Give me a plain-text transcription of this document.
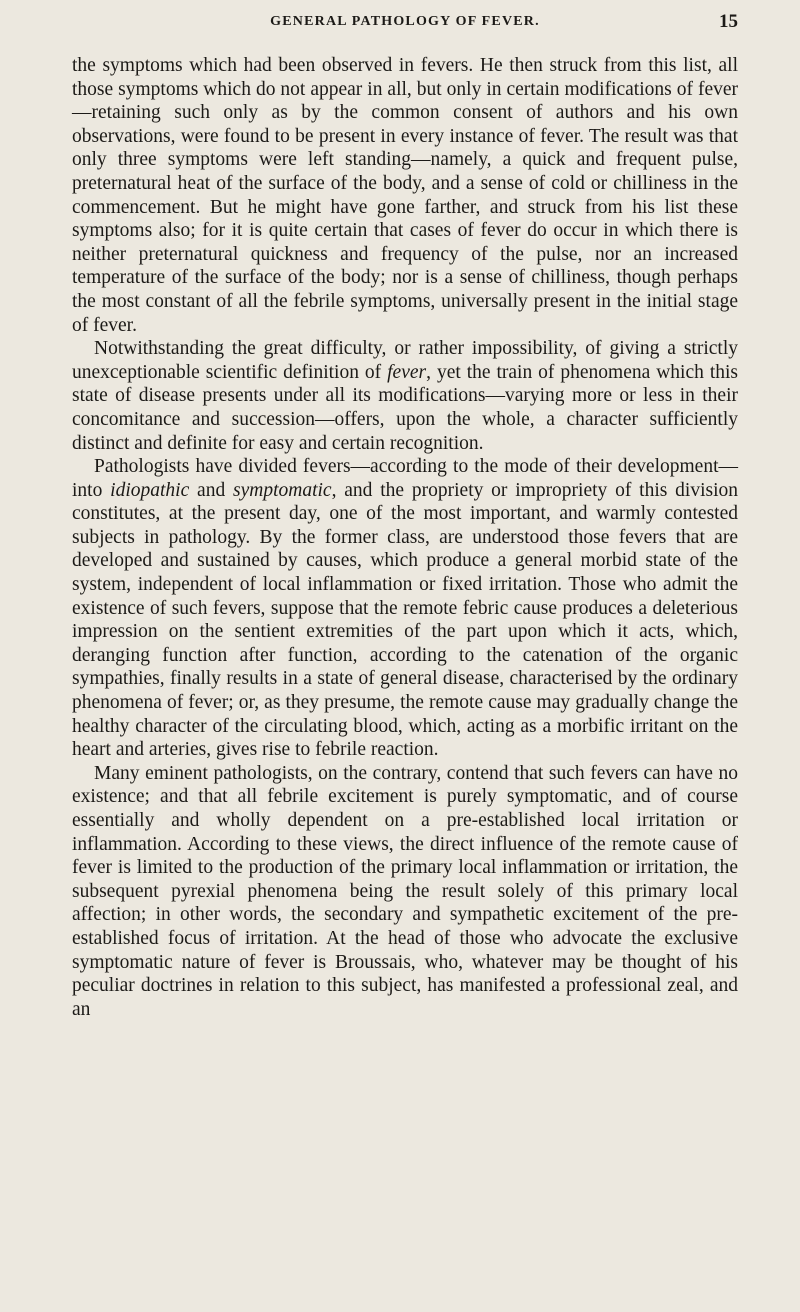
GENERAL PATHOLOGY OF FEVER.	15

the symptoms which had been observed in fevers. He then struck from this list, all those symptoms which do not appear in all, but only in certain modifications of fever—retaining such only as by the common consent of authors and his own observations, were found to be present in every instance of fever. The result was that only three symptoms were left standing—namely, a quick and frequent pulse, preternatural heat of the surface of the body, and a sense of cold or chilliness in the commencement. But he might have gone farther, and struck from his list these symptoms also; for it is quite certain that cases of fever do occur in which there is neither preternatural quickness and frequency of the pulse, nor an increased temperature of the surface of the body; nor is a sense of chilliness, though perhaps the most constant of all the febrile symptoms, universally present in the initial stage of fever.

Notwithstanding the great difficulty, or rather impossibility, of giving a strictly unexceptionable scientific definition of fever, yet the train of phenomena which this state of disease presents under all its modifications—varying more or less in their concomitance and succession—offers, upon the whole, a character sufficiently distinct and definite for easy and certain recognition.

Pathologists have divided fevers—according to the mode of their development—into idiopathic and symptomatic, and the propriety or impropriety of this division constitutes, at the present day, one of the most important, and warmly contested subjects in pathology. By the former class, are understood those fevers that are developed and sustained by causes, which produce a general morbid state of the system, independent of local inflammation or fixed irritation. Those who admit the existence of such fevers, suppose that the remote febric cause produces a deleterious impression on the sentient extremities of the part upon which it acts, which, deranging function after function, according to the catenation of the organic sympathies, finally results in a state of general disease, characterised by the ordinary phenomena of fever; or, as they presume, the remote cause may gradually change the healthy character of the circulating blood, which, acting as a morbific irritant on the heart and arteries, gives rise to febrile reaction.

Many eminent pathologists, on the contrary, contend that such fevers can have no existence; and that all febrile excitement is purely symptomatic, and of course essentially and wholly dependent on a pre-established local irritation or inflammation. According to these views, the direct influence of the remote cause of fever is limited to the production of the primary local inflammation or irritation, the subsequent pyrexial phenomena being the result solely of this primary local affection; in other words, the secondary and sympathetic excitement of the pre-established focus of irritation. At the head of those who advocate the exclusive symptomatic nature of fever is Broussais, who, whatever may be thought of his peculiar doctrines in relation to this subject, has manifested a professional zeal, and an
